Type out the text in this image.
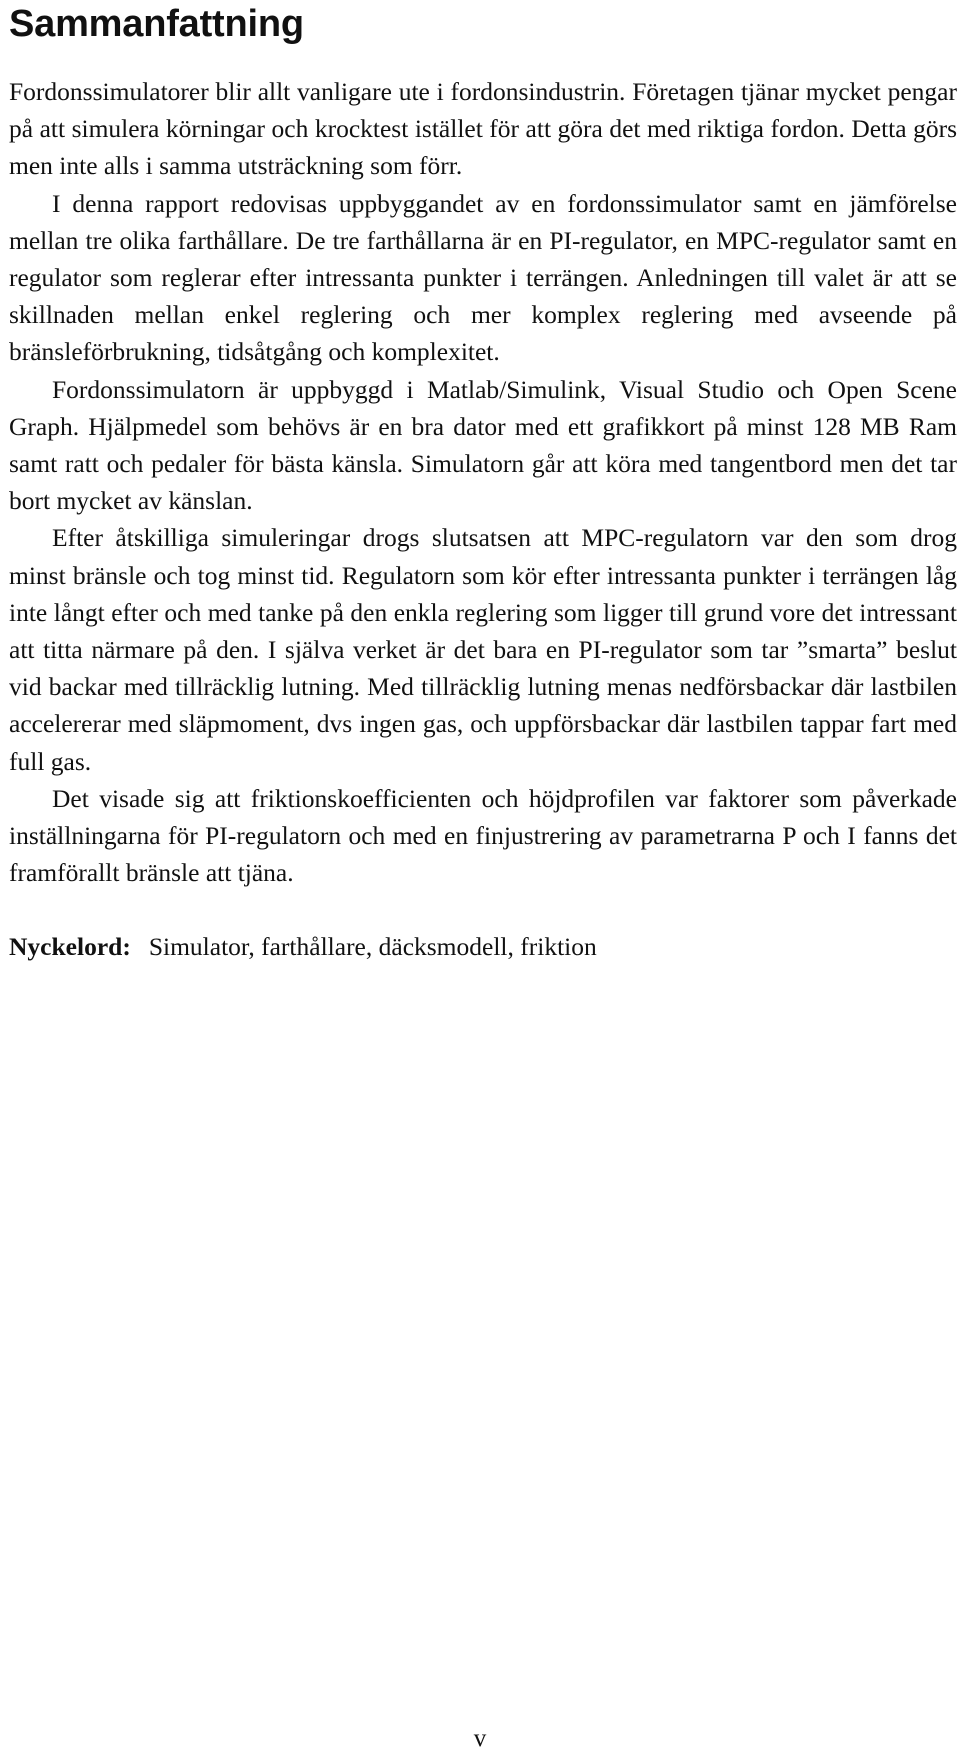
Sammanfattning

Fordonssimulatorer blir allt vanligare ute i fordonsindustrin. Företagen tjänar mycket pengar på att simulera körningar och krocktest istället för att göra det med riktiga fordon. Detta görs men inte alls i samma utsträckning som förr.

I denna rapport redovisas uppbyggandet av en fordonssimulator samt en jämförelse mellan tre olika farthållare. De tre farthållarna är en PI-regulator, en MPC-regulator samt en regulator som reglerar efter intressanta punkter i terrängen. Anledningen till valet är att se skillnaden mellan enkel reglering och mer komplex reglering med avseende på bränsleförbrukning, tidsåtgång och komplexitet.

Fordonssimulatorn är uppbyggd i Matlab/Simulink, Visual Studio och Open Scene Graph. Hjälpmedel som behövs är en bra dator med ett grafikkort på minst 128 MB Ram samt ratt och pedaler för bästa känsla. Simulatorn går att köra med tangentbord men det tar bort mycket av känslan.

Efter åtskilliga simuleringar drogs slutsatsen att MPC-regulatorn var den som drog minst bränsle och tog minst tid. Regulatorn som kör efter intressanta punkter i terrängen låg inte långt efter och med tanke på den enkla reglering som ligger till grund vore det intressant att titta närmare på den. I själva verket är det bara en PI-regulator som tar ”smarta” beslut vid backar med tillräcklig lutning. Med tillräcklig lutning menas nedförsbackar där lastbilen accelererar med släpmoment, dvs ingen gas, och uppförsbackar där lastbilen tappar fart med full gas.

Det visade sig att friktionskoefficienten och höjdprofilen var faktorer som påverkade inställningarna för PI-regulatorn och med en finjustrering av parametrarna P och I fanns det framförallt bränsle att tjäna.

Nyckelord: Simulator, farthållare, däcksmodell, friktion
v
